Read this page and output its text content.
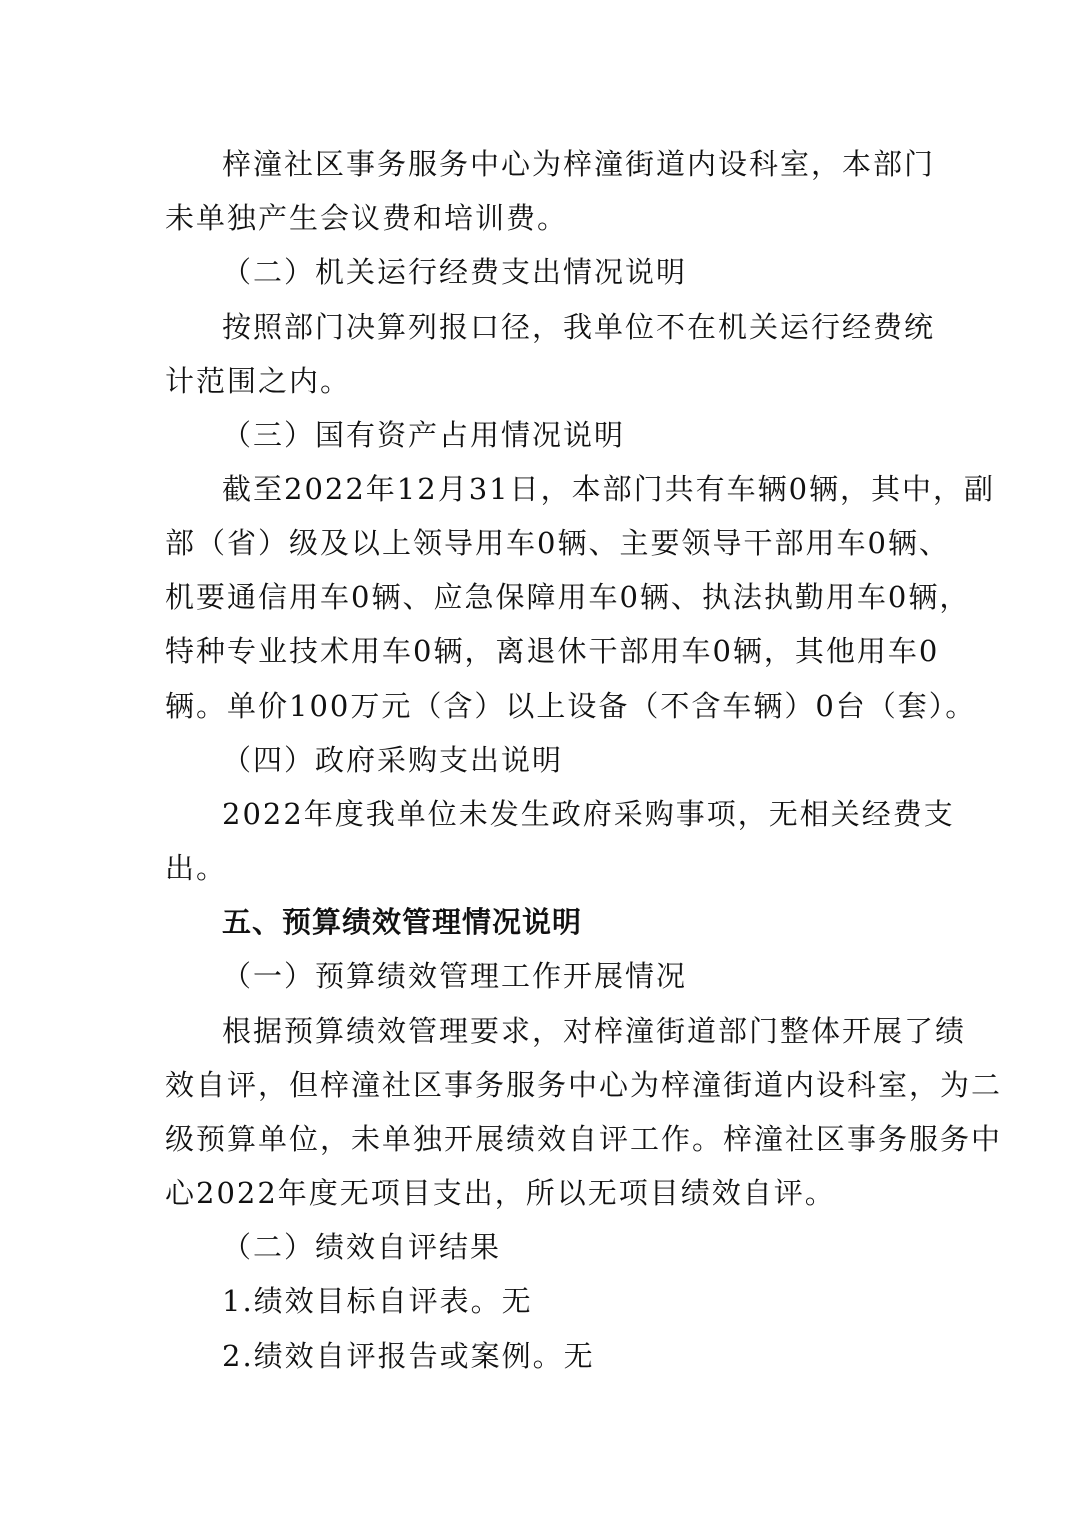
梓潼社区事务服务中心为梓潼街道内设科室，本部门
未单独产生会议费和培训费。
（二）机关运行经费支出情况说明
按照部门决算列报口径，我单位不在机关运行经费统
计范围之内。
（三）国有资产占用情况说明
截至2022年12月31日，本部门共有车辆0辆，其中，副
部（省）级及以上领导用车0辆、主要领导干部用车0辆、
机要通信用车0辆、应急保障用车0辆、执法执勤用车0辆，
特种专业技术用车0辆，离退休干部用车0辆，其他用车0
辆。单价100万元（含）以上设备（不含车辆）0台（套）。
（四）政府采购支出说明
2022年度我单位未发生政府采购事项，无相关经费支
出。
五、预算绩效管理情况说明
（一）预算绩效管理工作开展情况
根据预算绩效管理要求，对梓潼街道部门整体开展了绩
效自评，但梓潼社区事务服务中心为梓潼街道内设科室，为二
级预算单位，未单独开展绩效自评工作。梓潼社区事务服务中
心2022年度无项目支出，所以无项目绩效自评。
（二）绩效自评结果
1.绩效目标自评表。无
2.绩效自评报告或案例。无
